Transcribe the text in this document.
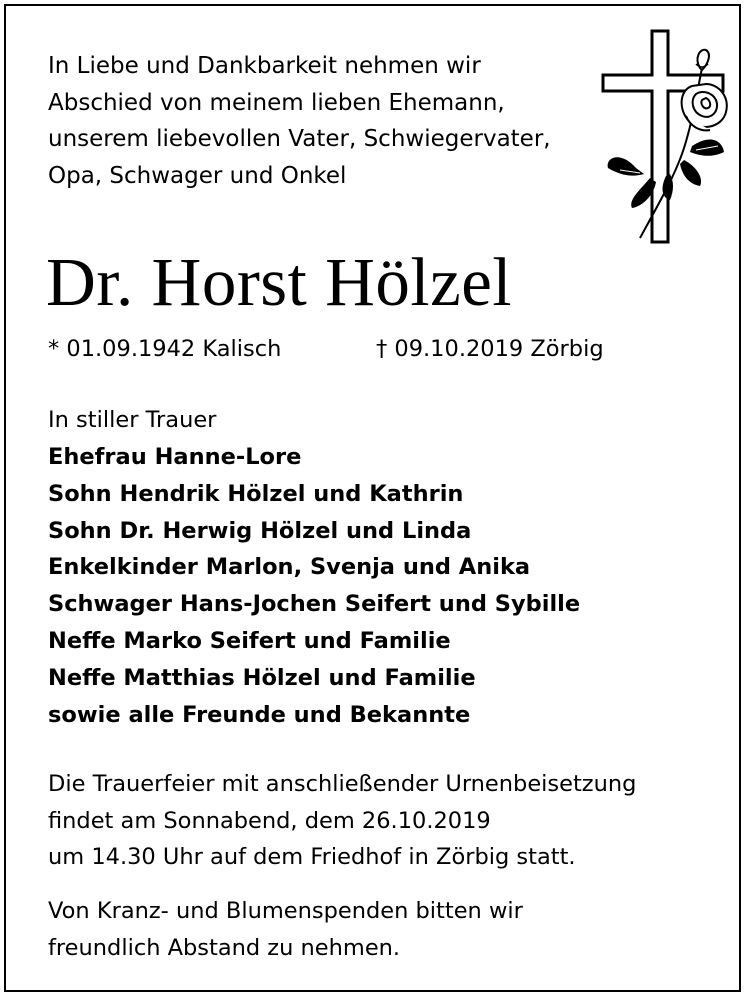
In Liebe und Dankbarkeit nehmen wir
Abschied von meinem lieben Ehemann,
unserem liebevollen Vater, Schwiegervater,
Opa, Schwager und Onkel
Dr. Horst Hölzel
* 01.09.1942 Kalisch	† 09.10.2019 Zörbig
In stiller Trauer
Ehefrau Hanne-Lore
Sohn Hendrik Hölzel und Kathrin
Sohn Dr. Herwig Hölzel und Linda
Enkelkinder Marlon, Svenja und Anika
Schwager Hans-Jochen Seifert und Sybille
Neffe Marko Seifert und Familie
Neffe Matthias Hölzel und Familie
sowie alle Freunde und Bekannte
Die Trauerfeier mit anschließender Urnenbeisetzung
findet am Sonnabend, dem 26.10.2019
um 14.30 Uhr auf dem Friedhof in Zörbig statt.
Von Kranz- und Blumenspenden bitten wir
freundlich Abstand zu nehmen.
